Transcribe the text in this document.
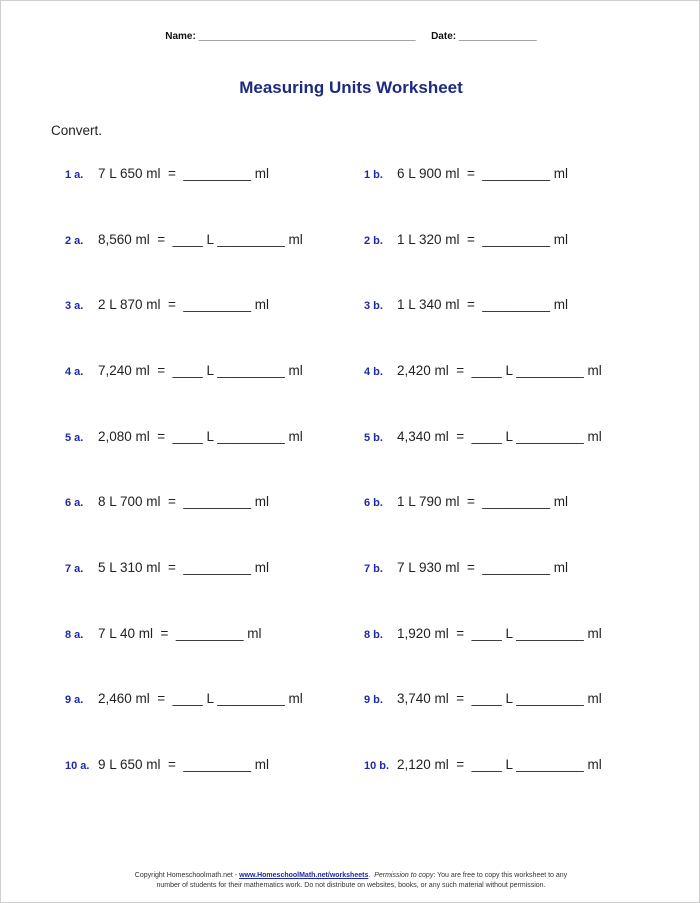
Name: _______________________________________ Date: ______________
Measuring Units Worksheet
Convert.
1 a. 7 L 650 ml  =  _________ ml	1 b. 6 L 900 ml  =  _________ ml
2 a. 8,560 ml  =  ____ L _________ ml	2 b. 1 L 320 ml  =  _________ ml
3 a. 2 L 870 ml  =  _________ ml	3 b. 1 L 340 ml  =  _________ ml
4 a. 7,240 ml  =  ____ L _________ ml	4 b. 2,420 ml  =  ____ L _________ ml
5 a. 2,080 ml  =  ____ L _________ ml	5 b. 4,340 ml  =  ____ L _________ ml
6 a. 8 L 700 ml  =  _________ ml	6 b. 1 L 790 ml  =  _________ ml
7 a. 5 L 310 ml  =  _________ ml	7 b. 7 L 930 ml  =  _________ ml
8 a. 7 L 40 ml  =  _________ ml	8 b. 1,920 ml  =  ____ L _________ ml
9 a. 2,460 ml  =  ____ L _________ ml	9 b. 3,740 ml  =  ____ L _________ ml
10 a. 9 L 650 ml  =  _________ ml	10 b. 2,120 ml  =  ____ L _________ ml
Copyright Homeschoolmath.net - www.HomeschoolMath.net/worksheets.  Permission to copy: You are free to copy this worksheet to any
number of students for their mathematics work. Do not distribute on websites, books, or any such material without permission.
